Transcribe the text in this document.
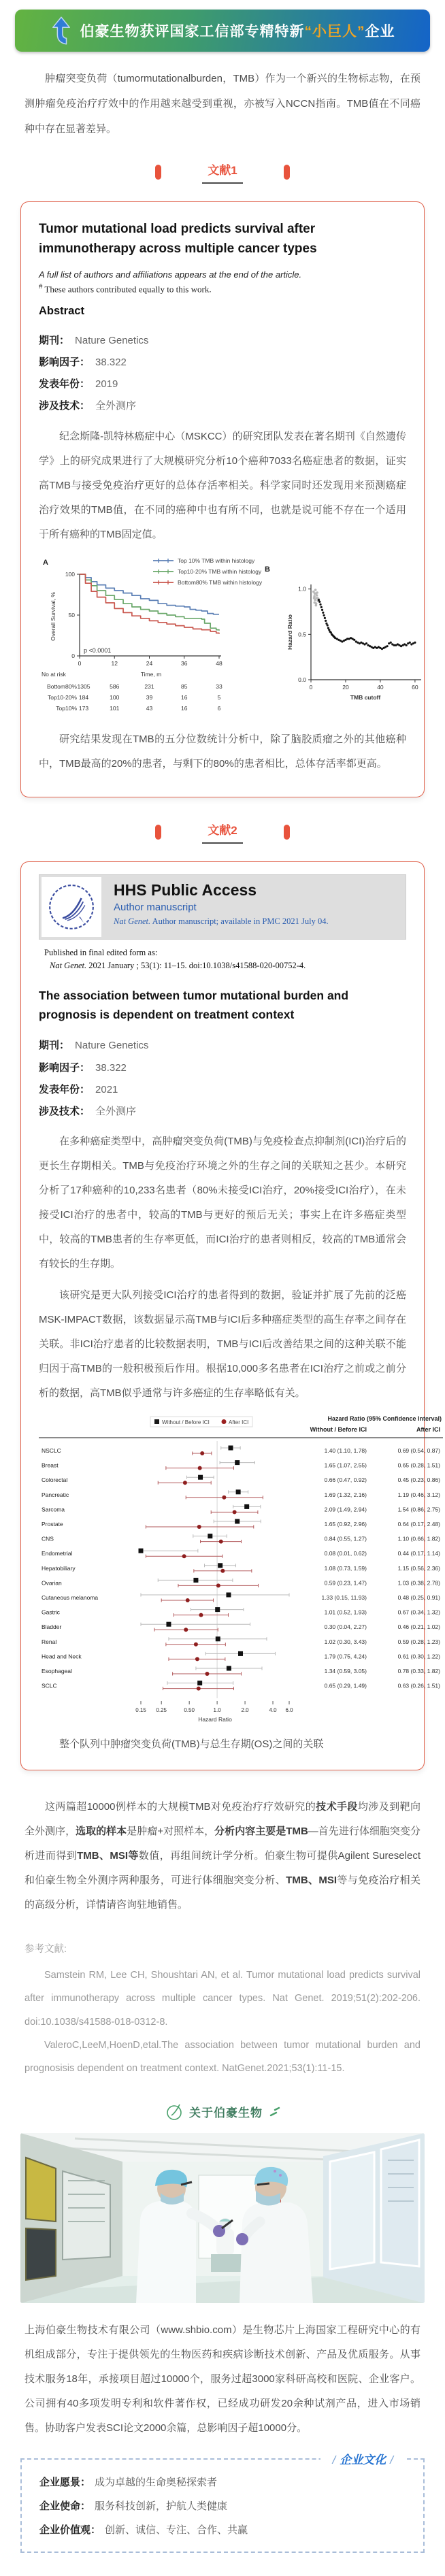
伯豪生物获评国家工信部专精特新“小巨人”企业

肿瘤突变负荷（tumormutationalburden，TMB）作为一个新兴的生物标志物，在预测肿瘤免疫治疗疗效中的作用越来越受到重视，亦被写入NCCN指南。TMB值在不同癌种中存在显著差异。

文献1
Tumor mutational load predicts survival after immunotherapy across multiple cancer types
A full list of authors and affiliations appears at the end of the article.
# These authors contributed equally to this work.
Abstract
期刊： Nature Genetics
影响因子： 38.322
发表年份： 2019
涉及技术： 全外测序

纪念斯隆-凯特林癌症中心（MSKCC）的研究团队发表在著名期刊《自然遗传学》上的研究成果进行了大规模研究分析10个癌种7033名癌症患者的数据，证实高TMB与接受免疫治疗更好的总体存活率相关。科学家同时还发现用来预测癌症治疗效果的TMB值，在不同的癌种中也有所不同，也就是说可能不存在一个适用于所有癌种的TMB固定值。

A
0
50
100
0	12	24	36	48
Overall Survival, %
Top 10% TMB within histology
Top10-20% TMB within histology
Bottom80% TMB within histology
p <0.0001
No at risk	Time, m
Bottom80% 1305	586	231	85	33
Top10-20% 184	100	39	16	5
Top10% 173	101	43	16	6
B
0.0
0.5
1.0
0	20	40	60
Hazard Ratio
TMB cutoff

研究结果发现在TMB的五分位数统计分析中，除了脑胶质瘤之外的其他癌种中，TMB最高的20%的患者，与剩下的80%的患者相比，总体存活率都更高。

文献2
HHS Public Access
Author manuscript
Nat Genet. Author manuscript; available in PMC 2021 July 04.
Published in final edited form as:
Nat Genet. 2021 January ; 53(1): 11–15. doi:10.1038/s41588-020-00752-4.
The association between tumor mutational burden and prognosis is dependent on treatment context
期刊： Nature Genetics
影响因子： 38.322
发表年份： 2021
涉及技术： 全外测序

在多种癌症类型中，高肿瘤突变负荷(TMB)与免疫检查点抑制剂(ICI)治疗后的更长生存期相关。TMB与免疫治疗环境之外的生存之间的关联知之甚少。本研究分析了17种癌种的10,233名患者（80%未接受ICI治疗，20%接受ICI治疗），在未接受ICI治疗的患者中，较高的TMB与更好的预后无关；事实上在许多癌症类型中，较高的TMB患者的生存率更低，而ICI治疗的患者则相反，较高的TMB通常会有较长的生存期。

该研究是更大队列接受ICI治疗的患者得到的数据，验证并扩展了先前的泛癌MSK-IMPACT数据，该数据显示高TMB与ICI后多种癌症类型的高生存率之间存在关联。非ICI治疗患者的比较数据表明，TMB与ICI后改善结果之间的这种关联不能归因于高TMB的一般积极预后作用。根据10,000多名患者在ICI治疗之前或之前分析的数据，高TMB似乎通常与许多癌症的生存率略低有关。

Without / Before ICI	After ICI
Hazard Ratio (95% Confidence Interval)
Without / Before ICI	After ICI
NSCLC	1.40 (1.10, 1.78)	0.69 (0.54, 0.87)
Breast	1.65 (1.07, 2.55)	0.65 (0.28, 1.51)
Colorectal	0.66 (0.47, 0.92)	0.45 (0.23, 0.86)
Pancreatic	1.69 (1.32, 2.16)	1.19 (0.46, 3.12)
Sarcoma	2.09 (1.49, 2.94)	1.54 (0.86, 2.75)
Prostate	1.65 (0.92, 2.96)	0.64 (0.17, 2.48)
CNS	0.84 (0.55, 1.27)	1.10 (0.66, 1.82)
Endometrial	0.08 (0.01, 0.62)	0.44 (0.17, 1.14)
Hepatobiliary	1.08 (0.73, 1.59)	1.15 (0.56, 2.36)
Ovarian	0.59 (0.23, 1.47)	1.03 (0.38, 2.78)
Cutaneous melanoma	1.33 (0.15, 11.93)	0.48 (0.25, 0.91)
Gastric	1.01 (0.52, 1.93)	0.67 (0.34, 1.32)
Bladder	0.30 (0.04, 2.27)	0.46 (0.21, 1.02)
Renal	1.02 (0.30, 3.43)	0.59 (0.28, 1.23)
Head and Neck	1.79 (0.75, 4.24)	0.61 (0.30, 1.22)
Esophageal	1.34 (0.59, 3.05)	0.78 (0.33, 1.82)
SCLC	0.65 (0.29, 1.49)	0.63 (0.26, 1.51)
0.15 0.25	0.50	1.0	2.0	4.0 6.0
Hazard Ratio

整个队列中肿瘤突变负荷(TMB)与总生存期(OS)之间的关联

这两篇超10000例样本的大规模TMB对免疫治疗疗效研究的技术手段均涉及到靶向全外测序，选取的样本是肿瘤+对照样本，分析内容主要是TMB—首先进行体细胞突变分析进而得到TMB、MSI等数值，再组间统计学分析。伯豪生物可提供Agilent Sureselect和伯豪生物全外测序两种服务，可进行体细胞突变分析、TMB、MSI等与免疫治疗相关的高级分析，详情请咨询驻地销售。

参考文献:

Samstein RM, Lee CH, Shoushtari AN, et al. Tumor mutational load predicts survival after immunotherapy across multiple cancer types. Nat Genet. 2019;51(2):202-206. doi:10.1038/s41588-018-0312-8.

ValeroC,LeeM,HoenD,etal.The association between tumor mutational burden and prognosisis dependent on treatment context. NatGenet.2021;53(1):11-15.

关于伯豪生物

上海伯豪生物技术有限公司（www.shbio.com）是生物芯片上海国家工程研究中心的有机组成部分，专注于提供领先的生物医药和疾病诊断技术创新、产品及优质服务。从事技术服务18年，承接项目超过10000个，服务过超3000家科研高校和医院、企业客户。公司拥有40多项发明专利和软件著作权，已经成功研发20余种试剂产品，进入市场销售。协助客户发表SCI论文2000余篇，总影响因子超10000分。

/ 企业文化 /
企业愿景： 成为卓越的生命奥秘探索者
企业使命： 服务科技创新，护航人类健康
企业价值观： 创新、诚信、专注、合作、共赢
